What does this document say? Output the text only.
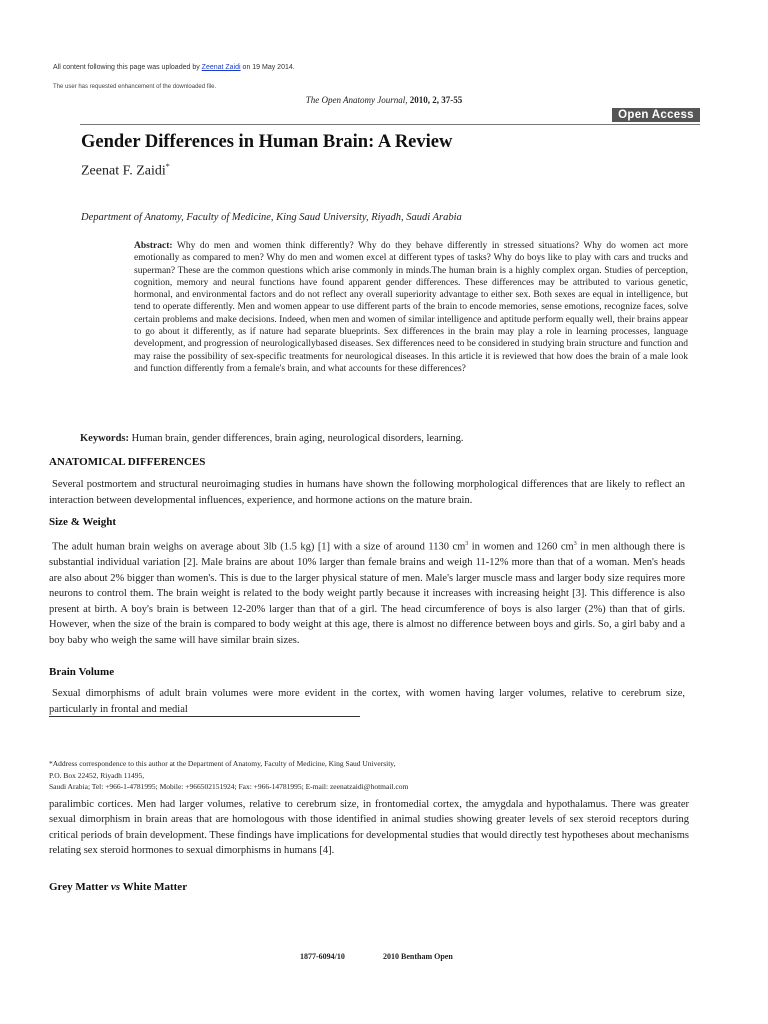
All content following this page was uploaded by Zeenat Zaidi on 19 May 2014.
The user has requested enhancement of the downloaded file.
The Open Anatomy Journal, 2010, 2, 37-55
Open Access
Gender Differences in Human Brain: A Review
Zeenat F. Zaidi*
Department of Anatomy, Faculty of Medicine, King Saud University, Riyadh, Saudi Arabia
Abstract: Why do men and women think differently? Why do they behave differently in stressed situations? Why do women act more emotionally as compared to men? Why do men and women excel at different types of tasks? Why do boys like to play with cars and trucks and superman? These are the common questions which arise commonly in minds.The human brain is a highly complex organ. Studies of perception, cognition, memory and neural functions have found apparent gender differences. These differences may be attributed to various genetic, hormonal, and environmental factors and do not reflect any overall superiority advantage to either sex. Both sexes are equal in intelligence, but tend to operate differently. Men and women appear to use different parts of the brain to encode memories, sense emotions, recognize faces, solve certain problems and make decisions. Indeed, when men and women of similar intelligence and aptitude perform equally well, their brains appear to go about it differently, as if nature had separate blueprints. Sex differences in the brain may play a role in learning processes, language development, and progression of neurologicallybased diseases. Sex differences need to be considered in studying brain structure and function and may raise the possibility of sex-specific treatments for neurological diseases. In this article it is reviewed that how does the brain of a male look and function differently from a female's brain, and what accounts for these differences?
Keywords: Human brain, gender differences, brain aging, neurological disorders, learning.
ANATOMICAL DIFFERENCES
Several postmortem and structural neuroimaging studies in humans have shown the following morphological differences that are likely to reflect an interaction between developmental influences, experience, and hormone actions on the mature brain.
Size & Weight
The adult human brain weighs on average about 3lb (1.5 kg) [1] with a size of around 1130 $cm^3$ in women and 1260 $cm^3$ in men although there is substantial individual variation [2]. Male brains are about 10% larger than female brains and weigh 11-12% more than that of a woman. Men's heads are also about 2% bigger than women's. This is due to the larger physical stature of men. Male's larger muscle mass and larger body size requires more neurons to control them. The brain weight is related to the body weight partly because it increases with increasing height [3]. This difference is also present at birth. A boy's brain is between 12-20% larger than that of a girl. The head circumference of boys is also larger (2%) than that of girls. However, when the size of the brain is compared to body weight at this age, there is almost no difference between boys and girls. So, a girl baby and a boy baby who weigh the same will have similar brain sizes.
Brain Volume
Sexual dimorphisms of adult brain volumes were more evident in the cortex, with women having larger volumes, relative to cerebrum size, particularly in frontal and medial
*Address correspondence to this author at the Department of Anatomy, Faculty of Medicine, King Saud University,
P.O. Box 22452, Riyadh 11495,
Saudi Arabia; Tel: +966-1-4781995; Mobile: +966502151924; Fax: +966-14781995; E-mail: zeenatzaidi@hotmail.com
paralimbic cortices. Men had larger volumes, relative to cerebrum size, in frontomedial cortex, the amygdala and hypothalamus. There was greater sexual dimorphism in brain areas that are homologous with those identified in animal studies showing greater levels of sex steroid receptors during critical periods of brain development. These findings have implications for developmental studies that would directly test hypotheses about mechanisms relating sex steroid hormones to sexual dimorphisms in humans [4].
Grey Matter vs White Matter
1877-6094/10	2010 Bentham Open
